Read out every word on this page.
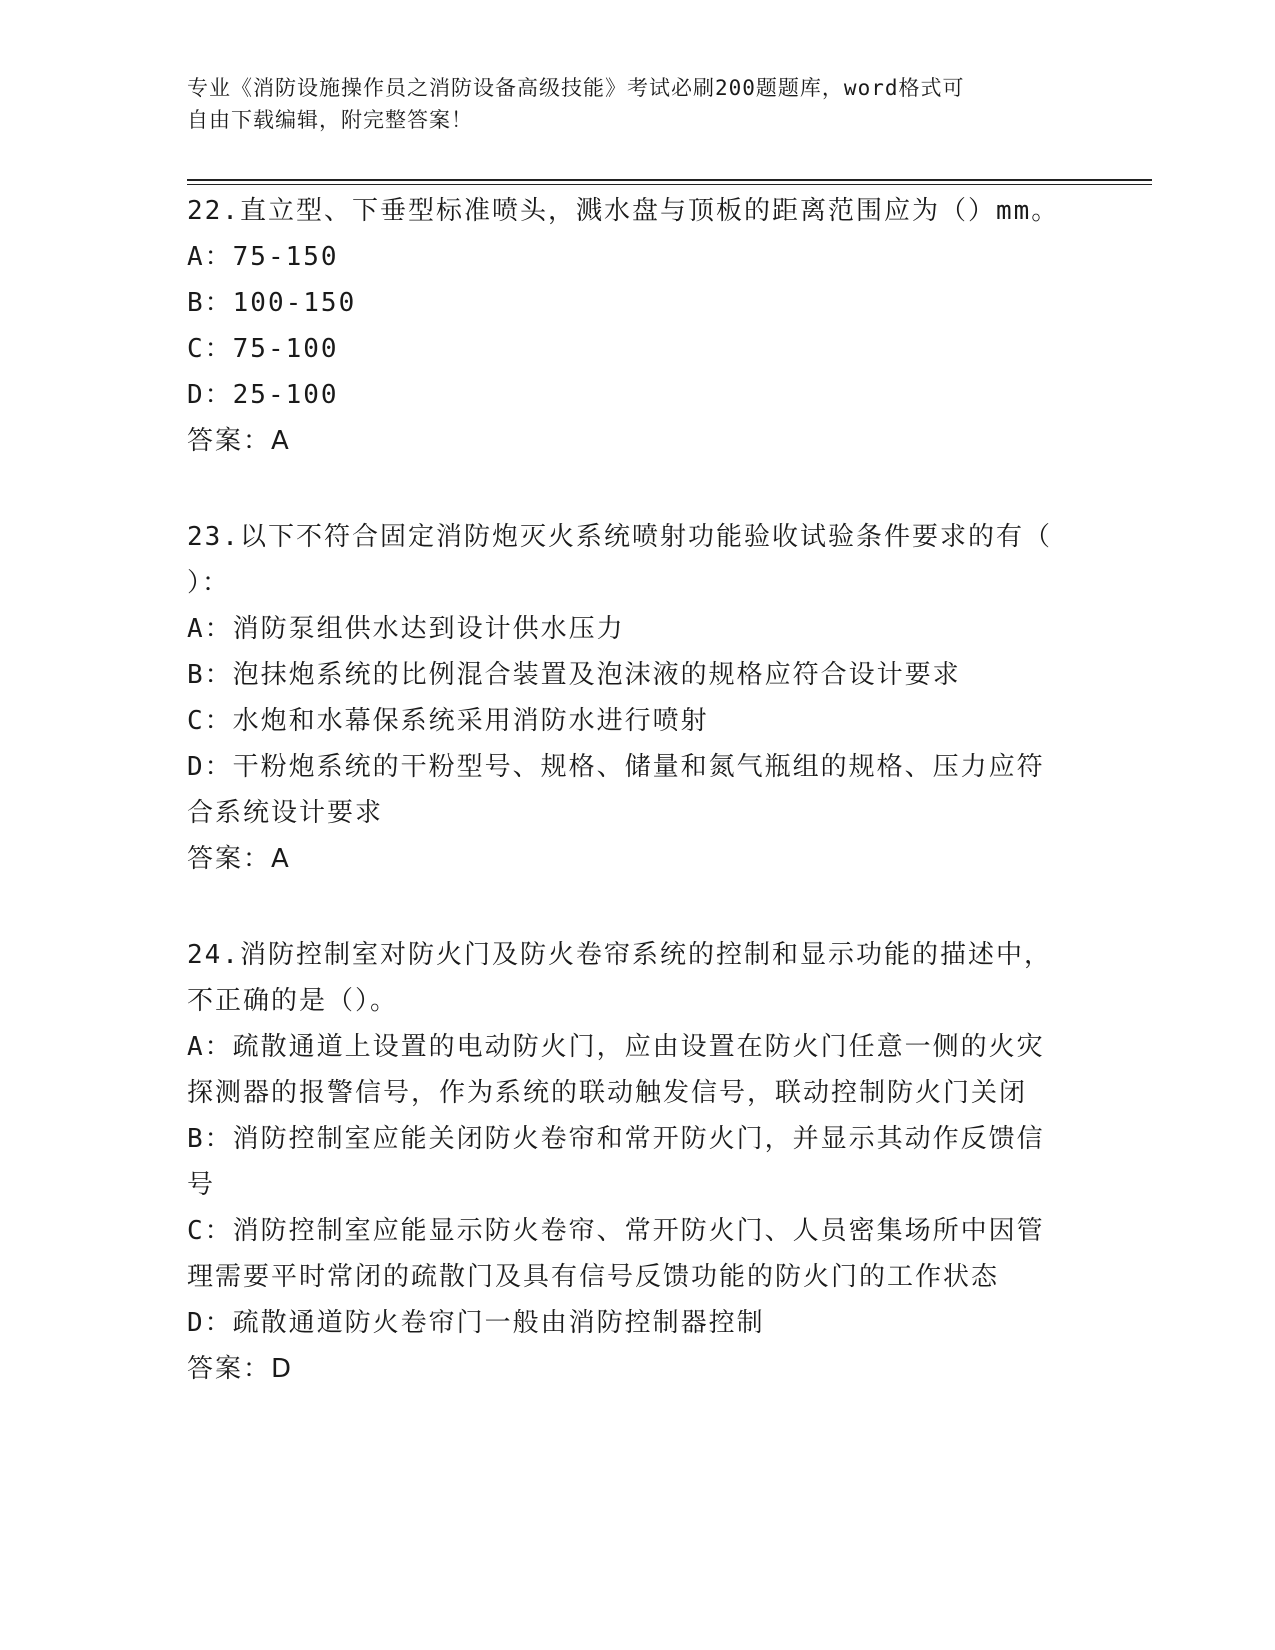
专业《消防设施操作员之消防设备高级技能》考试必刷200题题库，word格式可
自由下载编辑，附完整答案！
22.直立型、下垂型标准喷头，溅水盘与顶板的距离范围应为（）mm。
A：75-150
B：100-150
C：75-100
D：25-100
答案：A
23.以下不符合固定消防炮灭火系统喷射功能验收试验条件要求的有（
）：
A：消防泵组供水达到设计供水压力
B：泡抹炮系统的比例混合装置及泡沫液的规格应符合设计要求
C：水炮和水幕保系统采用消防水进行喷射
D：干粉炮系统的干粉型号、规格、储量和氮气瓶组的规格、压力应符
合系统设计要求
答案：A
24.消防控制室对防火门及防火卷帘系统的控制和显示功能的描述中，
不正确的是（）。
A：疏散通道上设置的电动防火门，应由设置在防火门任意一侧的火灾
探测器的报警信号，作为系统的联动触发信号，联动控制防火门关闭
B：消防控制室应能关闭防火卷帘和常开防火门，并显示其动作反馈信
号
C：消防控制室应能显示防火卷帘、常开防火门、人员密集场所中因管
理需要平时常闭的疏散门及具有信号反馈功能的防火门的工作状态
D：疏散通道防火卷帘门一般由消防控制器控制
答案：D
